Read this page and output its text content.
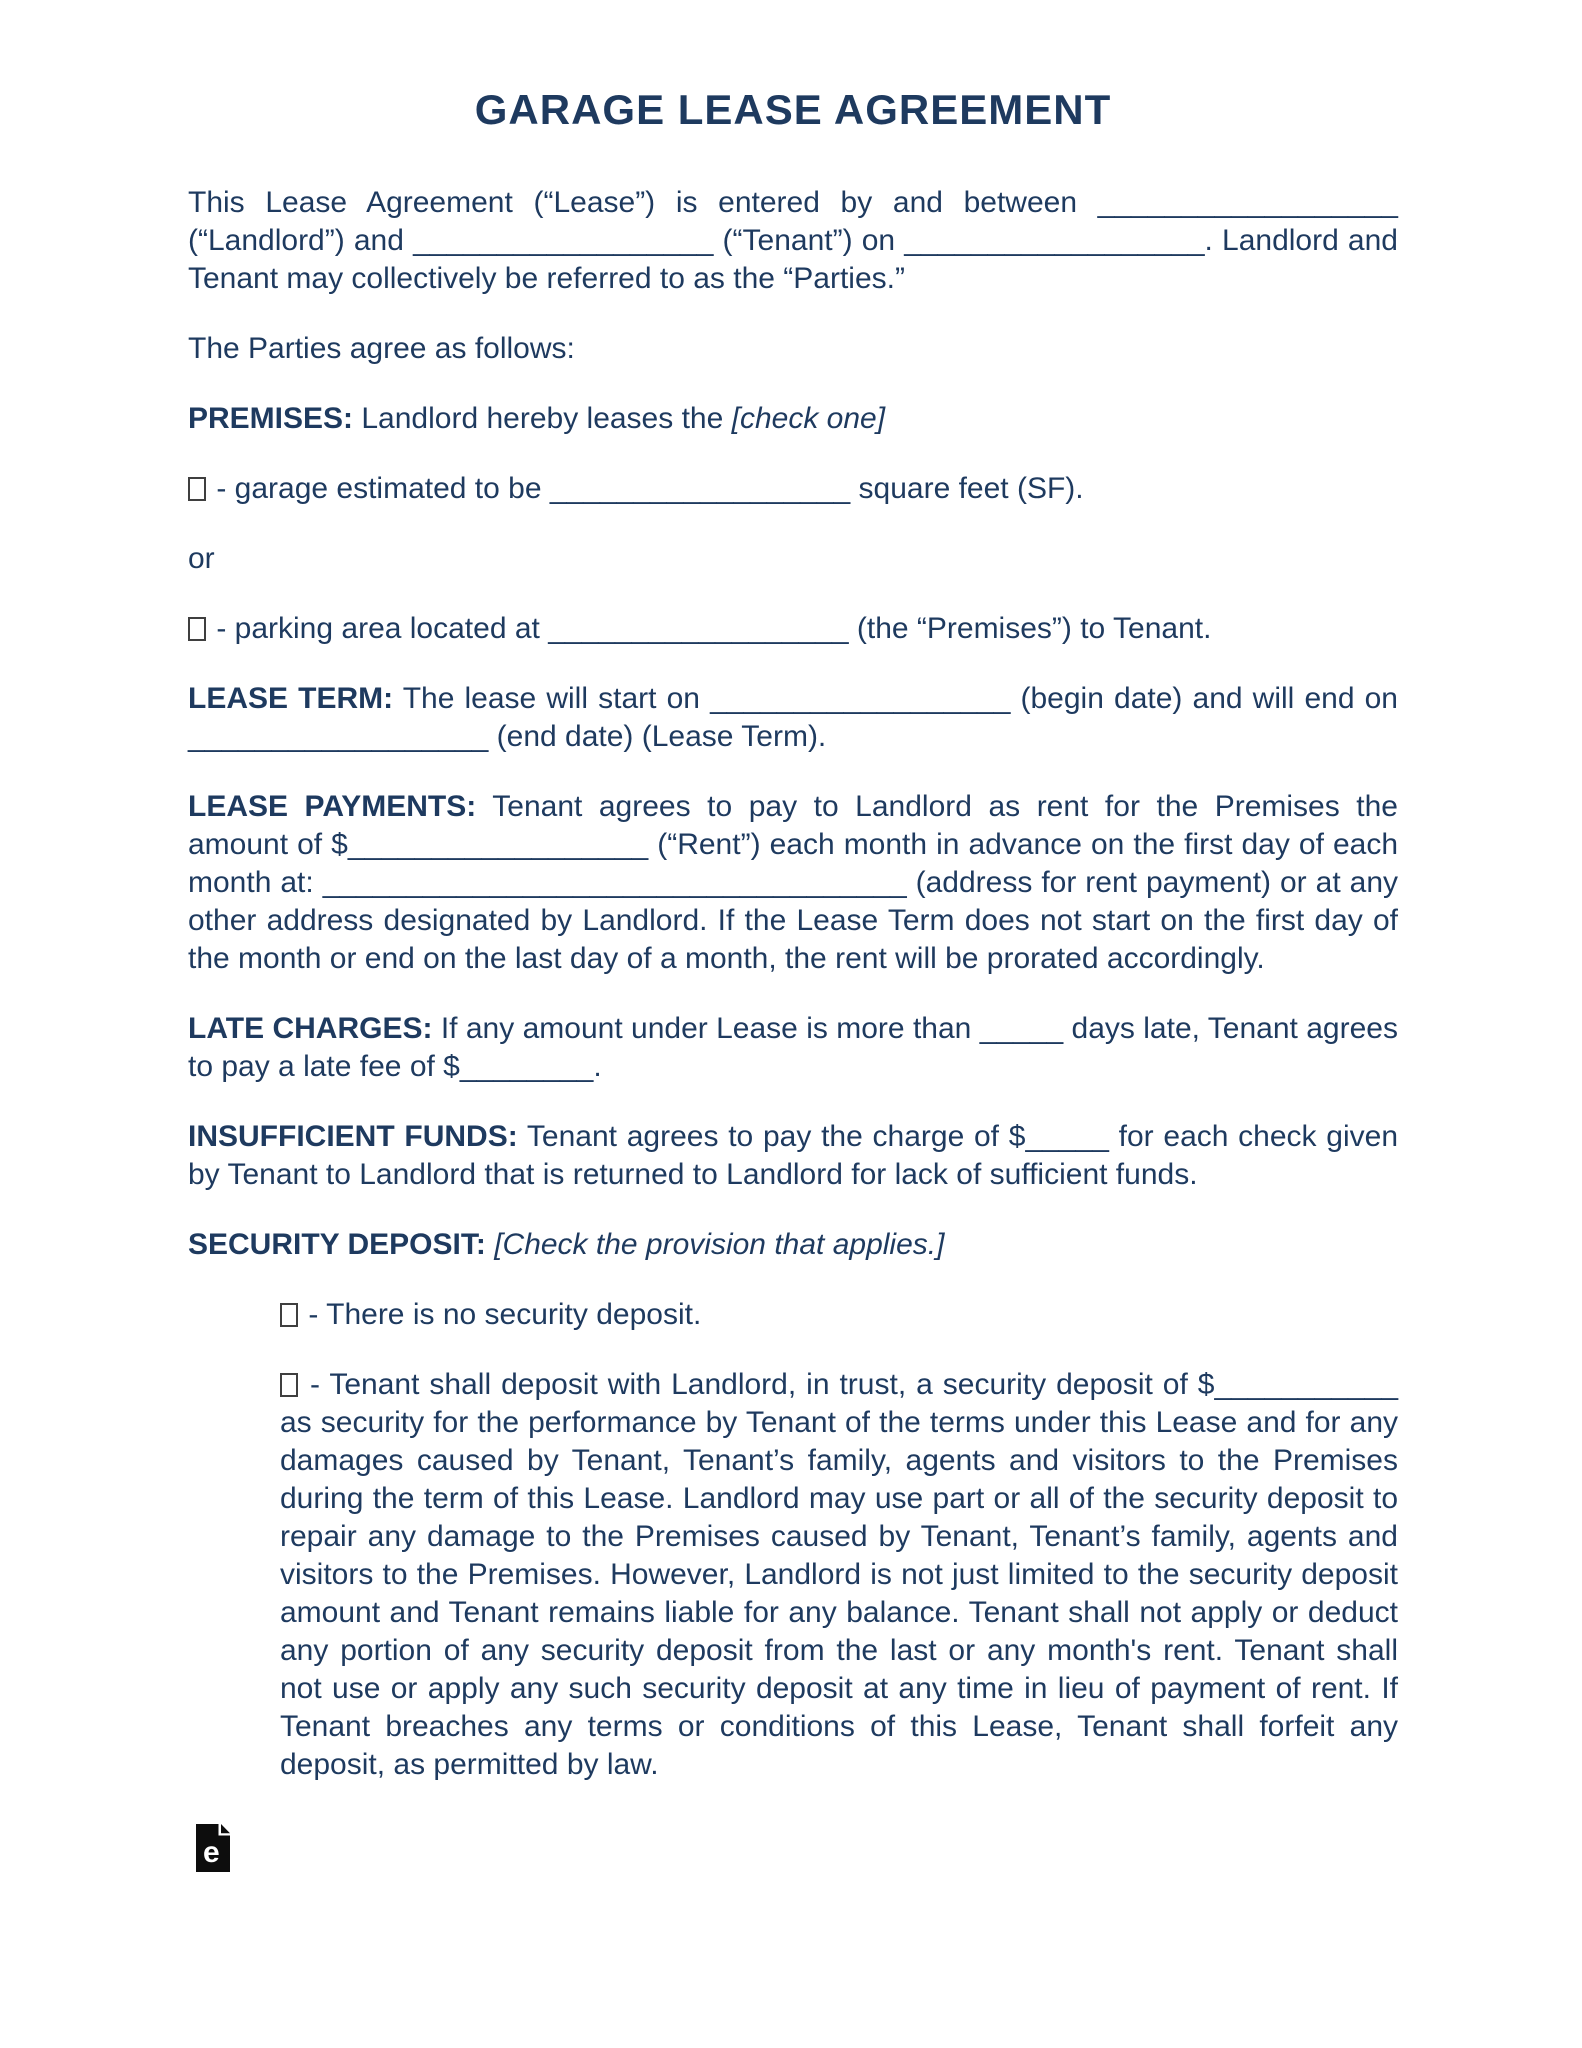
GARAGE LEASE AGREEMENT

This Lease Agreement (“Lease”) is entered by and between __________________ (“Landlord”) and __________________ (“Tenant”) on __________________. Landlord and Tenant may collectively be referred to as the “Parties.”

The Parties agree as follows:

PREMISES: Landlord hereby leases the [check one]

- garage estimated to be __________________ square feet (SF).

or

- parking area located at __________________ (the “Premises”) to Tenant.

LEASE TERM: The lease will start on __________________ (begin date) and will end on __________________ (end date) (Lease Term).

LEASE PAYMENTS: Tenant agrees to pay to Landlord as rent for the Premises the amount of $__________________ (“Rent”) each month in advance on the first day of each month at: ___________________________________ (address for rent payment) or at any other address designated by Landlord. If the Lease Term does not start on the first day of the month or end on the last day of a month, the rent will be prorated accordingly.

LATE CHARGES: If any amount under Lease is more than _____ days late, Tenant agrees to pay a late fee of $________.

INSUFFICIENT FUNDS: Tenant agrees to pay the charge of $_____ for each check given by Tenant to Landlord that is returned to Landlord for lack of sufficient funds.

SECURITY DEPOSIT: [Check the provision that applies.]

- There is no security deposit.

- Tenant shall deposit with Landlord, in trust, a security deposit of $___________ as security for the performance by Tenant of the terms under this Lease and for any damages caused by Tenant, Tenant’s family, agents and visitors to the Premises during the term of this Lease. Landlord may use part or all of the security deposit to repair any damage to the Premises caused by Tenant, Tenant’s family, agents and visitors to the Premises. However, Landlord is not just limited to the security deposit amount and Tenant remains liable for any balance. Tenant shall not apply or deduct any portion of any security deposit from the last or any month's rent. Tenant shall not use or apply any such security deposit at any time in lieu of payment of rent. If Tenant breaches any terms or conditions of this Lease, Tenant shall forfeit any deposit, as permitted by law.

e
